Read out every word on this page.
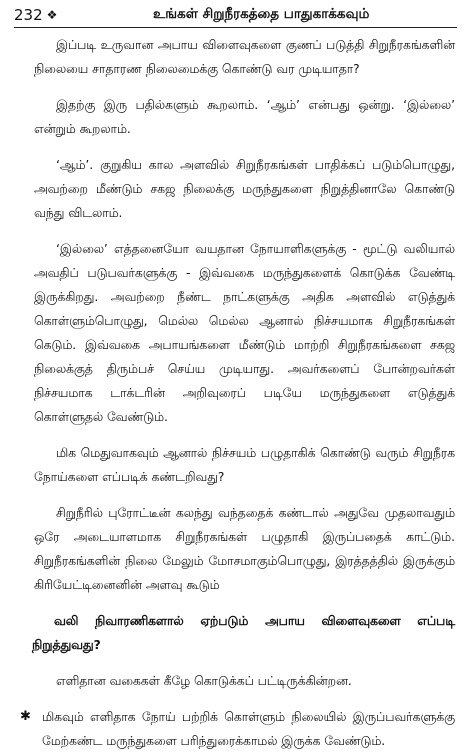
232 ❖	உங்கள் சிறுநீரகத்தை பாதுகாக்கவும்

இப்படி உருவான அபாய விளைவுகளை குணப் படுத்தி சிறுநீரகங்களின் நிலையை சாதாரண நிலைமைக்கு கொண்டு வர முடியாதா?

இதற்கு இரு பதில்களும் கூறலாம். ‘ஆம்’ என்பது ஒன்று. ‘இல்லை’ என்றும் கூறலாம்.

‘ஆம்’. குறுகிய கால அளவில் சிறுநீரகங்கள் பாதிக்கப் படும்பொழுது, அவற்றை மீண்டும் சகஜ நிலைக்கு மருந்துகளை நிறுத்தினாலே கொண்டு வந்து விடலாம்.

‘இல்லை’ எத்தனையோ வயதான நோயாளிகளுக்கு - மூட்டு வலியால் அவதிப் படுபவர்களுக்கு - இவ்வகை மருந்துகளைக் கொடுக்க வேண்டி இருக்கிறது. அவற்றை நீண்ட நாட்களுக்கு அதிக அளவில் எடுத்துக் கொள்ளும்பொழுது, மெல்ல மெல்ல ஆனால் நிச்சயமாக சிறுநீரகங்கள் கெடும். இவ்வகை அபாயங்களை மீண்டும் மாற்றி சிறுநீரகங்களை சகஜ நிலைக்குத் திரும்பச் செய்ய முடியாது. அவர்களைப் போன்றவர்கள் நிச்சயமாக டாக்டரின் அறிவுரைப் படியே மருந்துகளை எடுத்துக் கொள்ளுதல் வேண்டும்.

மிக மெதுவாகவும் ஆனால் நிச்சயம் பழுதாகிக் கொண்டு வரும் சிறுநீரக நோய்களை எப்படிக் கண்டறிவது?

சிறுநீரில் புரோட்டீன் கலந்து வந்ததைக் கண்டால் அதுவே முதலாவதும் ஒரே அடையாளமாக சிறுநீரகங்கள் பழுதாகி இருப்பதைக் காட்டும். சிறுநீரகங்களின் நிலை மேலும் மோசமாகும்பொழுது, இரத்தத்தில் இருக்கும் கிரியேட்டினைனின் அளவு கூடும்

வலி நிவாரணிகளால் ஏற்படும் அபாய விளைவுகளை எப்படி நிறுத்துவது?

எளிதான வகைகள் கீழே கொடுக்கப் பட்டிருக்கின்றன.

✱ மிகவும் எளிதாக நோய் பற்றிக் கொள்ளும் நிலையில் இருப்பவர்களுக்கு மேற்கண்ட மருந்துகளை பரிந்துரைக்காமல் இருக்க வேண்டும்.
